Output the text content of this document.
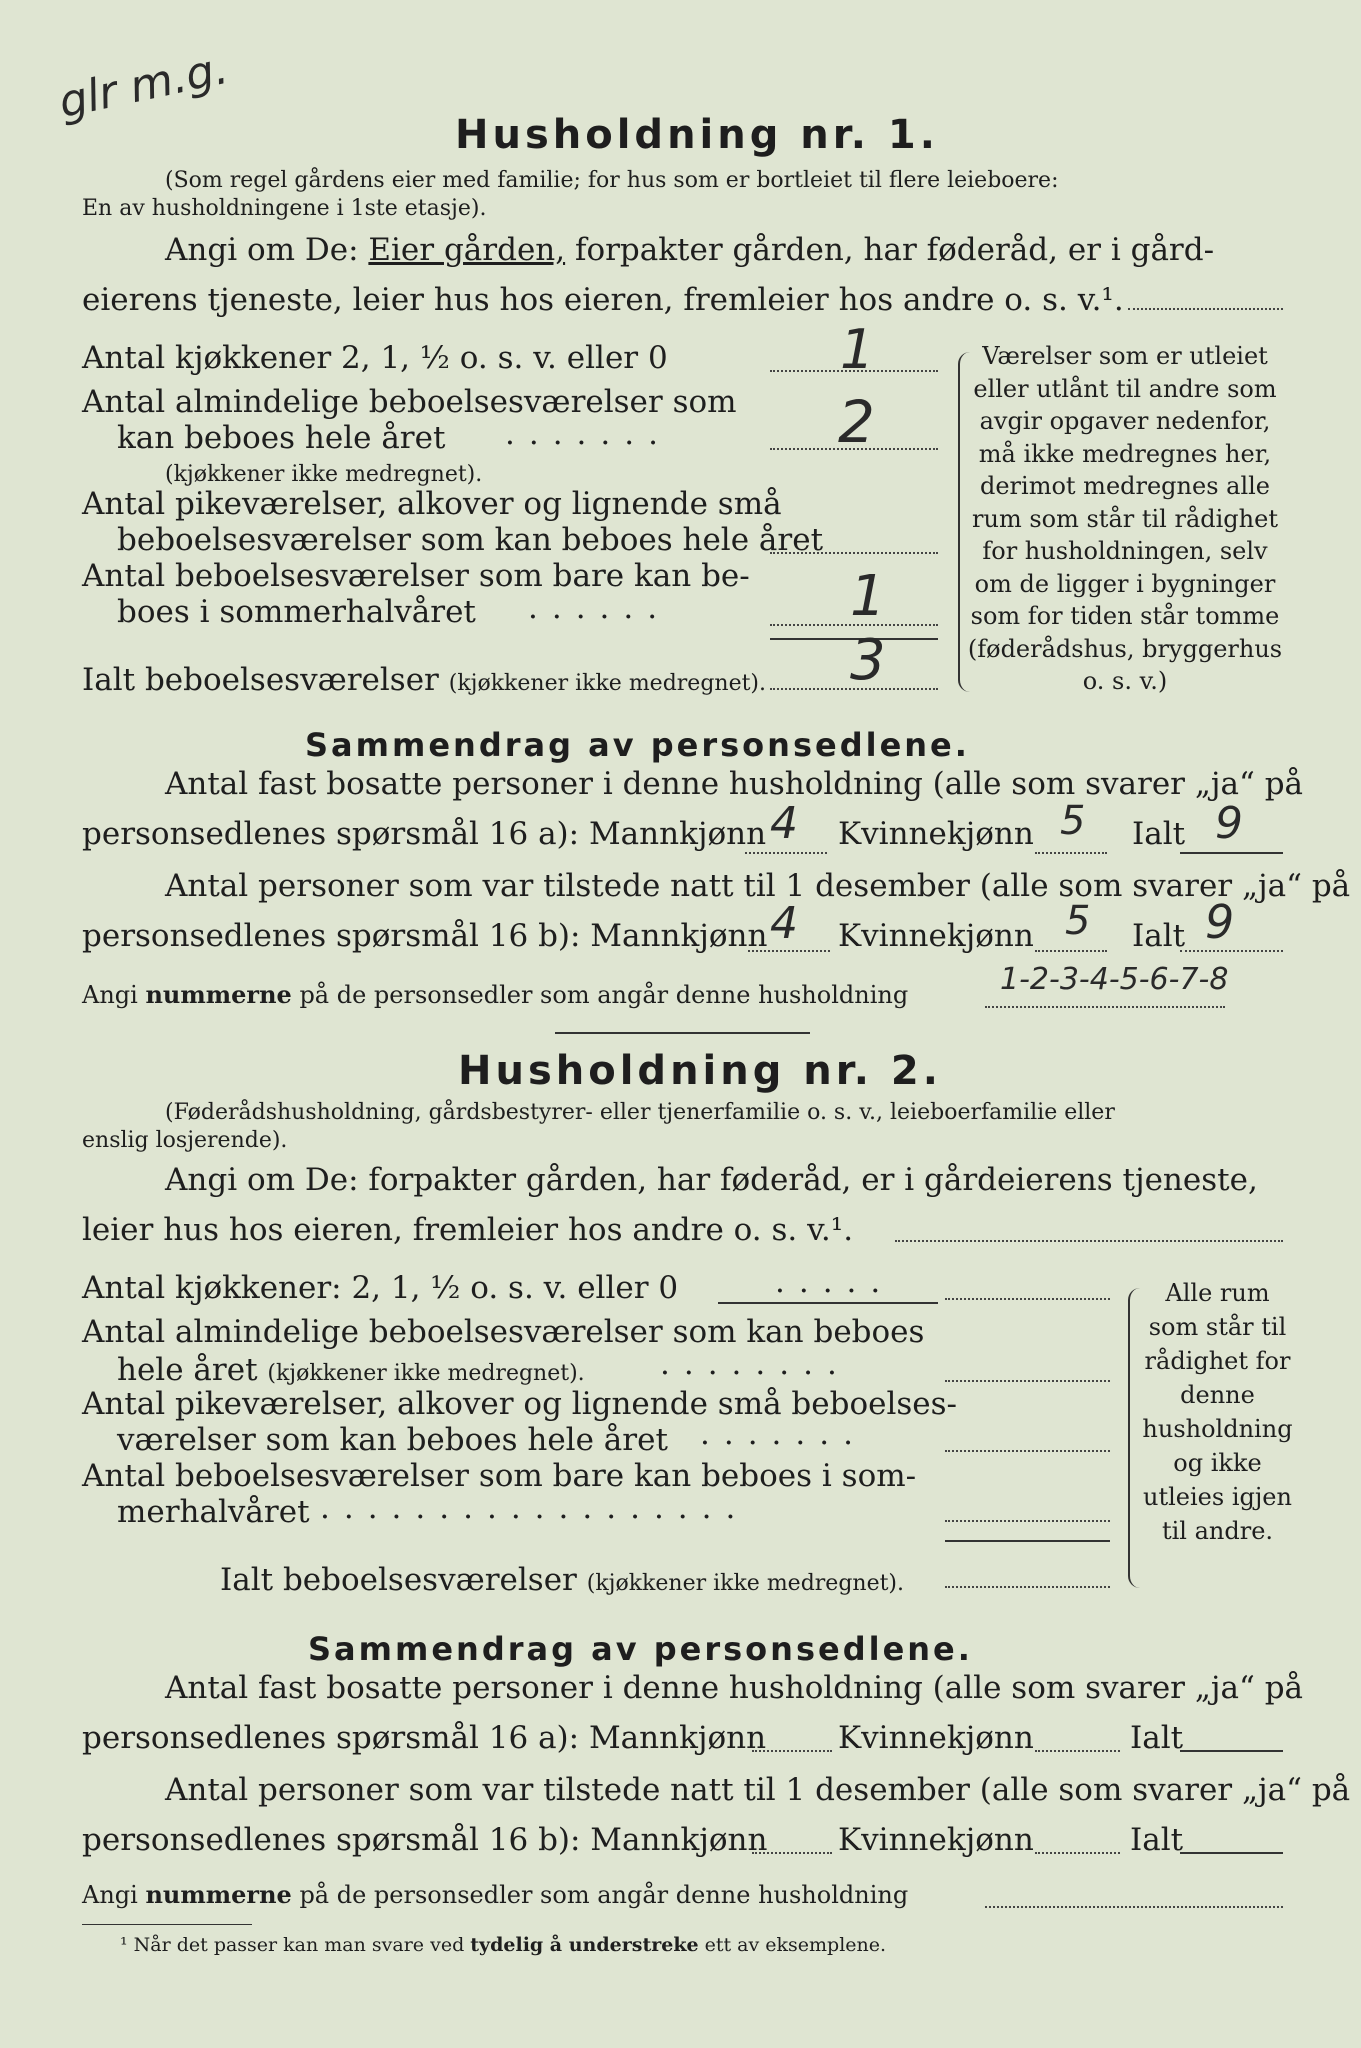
glr m.g.
Husholdning nr. 1.
(Som regel gårdens eier med familie; for hus som er bortleiet til flere leieboere:
En av husholdningene i 1ste etasje).
Angi om De: Eier gården, forpakter gården, har føderåd, er i gård-
eierens tjeneste, leier hus hos eieren, fremleier hos andre o. s. v.¹.
Antal kjøkkener 2, 1, ½ o. s. v. eller 0	1
Antal almindelige beboelsesværelser som
kan beboes hele året .......	2
(kjøkkener ikke medregnet).
Antal pikeværelser, alkover og lignende små
beboelsesværelser som kan beboes hele året
Antal beboelsesværelser som bare kan be-
boes i sommerhalvåret ......	1
Ialt beboelsesværelser (kjøkkener ikke medregnet). 3
Værelser som er utleiet eller utlånt til andre som avgir opgaver nedenfor, må ikke medregnes her, derimot medregnes alle rum som står til rådighet for husholdningen, selv om de ligger i bygninger som for tiden står tomme (føderådshus, bryggerhus o. s. v.)
Sammendrag av personsedlene.
Antal fast bosatte personer i denne husholdning (alle som svarer „ja“ på
personsedlenes spørsmål 16 a): Mannkjønn 4 Kvinnekjønn 5 Ialt 9
Antal personer som var tilstede natt til 1 desember (alle som svarer „ja“ på
personsedlenes spørsmål 16 b): Mannkjønn 4 Kvinnekjønn 5 Ialt 9
Angi nummerne på de personsedler som angår denne husholdning	1-2-3-4-5-6-7-8
Husholdning nr. 2.
(Føderådshusholdning, gårdsbestyrer- eller tjenerfamilie o. s. v., leieboerfamilie eller
enslig losjerende).
Angi om De: forpakter gården, har føderåd, er i gårdeierens tjeneste,
leier hus hos eieren, fremleier hos andre o. s. v.¹.
Antal kjøkkener: 2, 1, ½ o. s. v. eller 0	.....
Antal almindelige beboelsesværelser som kan beboes
hele året (kjøkkener ikke medregnet). ........
Antal pikeværelser, alkover og lignende små beboelses-
værelser som kan beboes hele året .......
Antal beboelsesværelser som bare kan beboes i som-
merhalvåret ..................
Ialt beboelsesværelser (kjøkkener ikke medregnet).
Alle rum som står til rådighet for denne husholdning og ikke utleies igjen til andre.
Sammendrag av personsedlene.
Antal fast bosatte personer i denne husholdning (alle som svarer „ja“ på
personsedlenes spørsmål 16 a): Mannkjønn Kvinnekjønn	Ialt
Antal personer som var tilstede natt til 1 desember (alle som svarer „ja“ på
personsedlenes spørsmål 16 b): Mannkjønn Kvinnekjønn	Ialt
Angi nummerne på de personsedler som angår denne husholdning
¹ Når det passer kan man svare ved tydelig å understreke ett av eksemplene.
